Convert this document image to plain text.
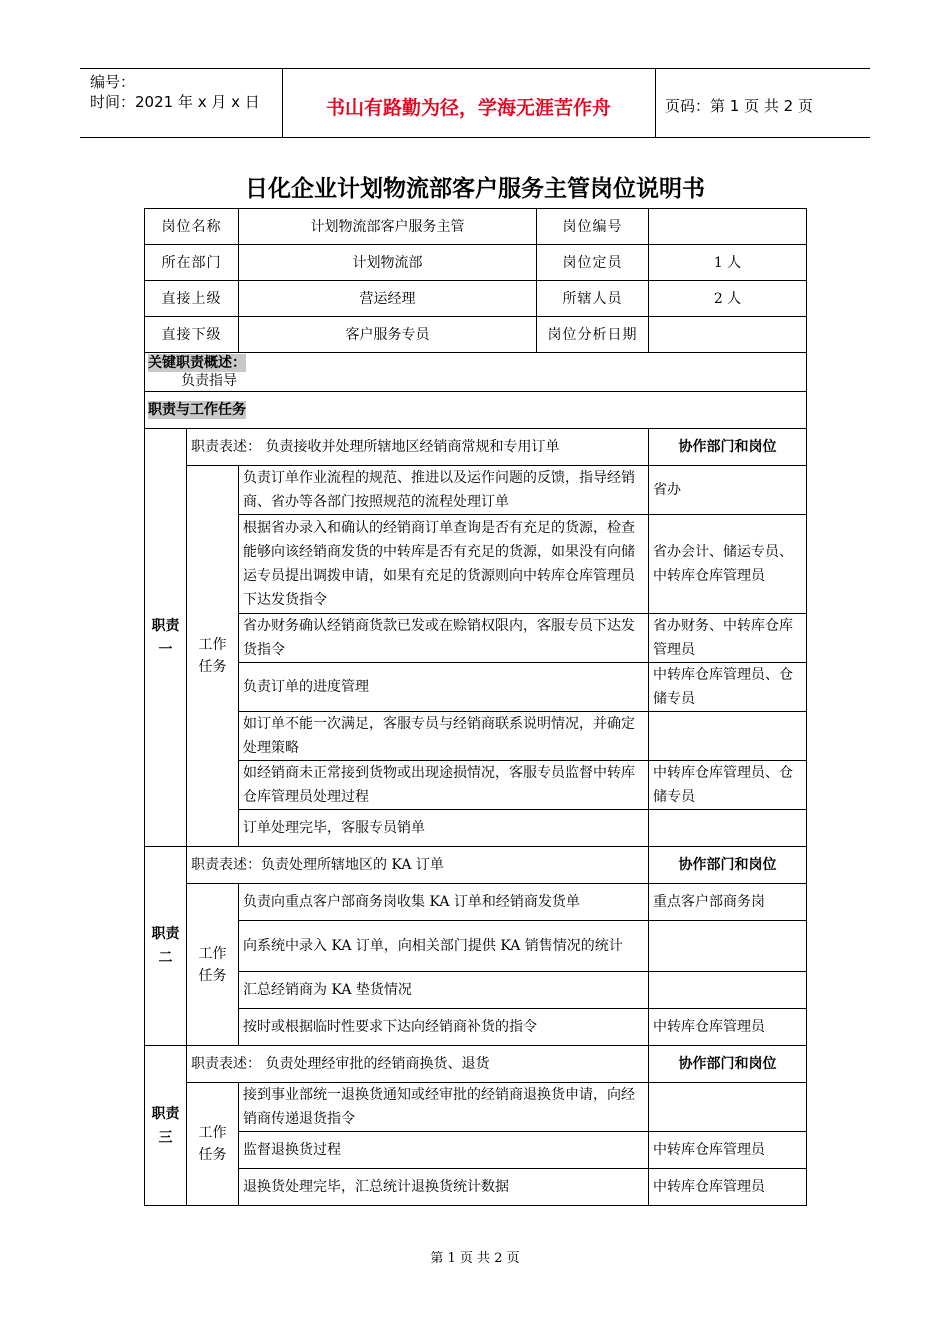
编号：
时间：2021 年 x 月 x 日	书山有路勤为径，学海无涯苦作舟	页码：第 1 页 共 2 页
日化企业计划物流部客户服务主管岗位说明书
岗位名称		计划物流部客户服务主管	岗位编号	
所在部门		计划物流部	岗位定员	1 人
直接上级		营运经理	所辖人员	2 人
直接下级		客户服务专员	岗位分析日期	

关键职责概述：
负责指导				

职责与工作任务				
职责一	职责表述： 负责接收并处理所辖地区经销商常规和专用订单			协作部门和岗位
	工作任务	负责订单作业流程的规范、推进以及运作问题的反馈，指导经销商、省办等各部门按照规范的流程处理订单		省办
		根据省办录入和确认的经销商订单查询是否有充足的货源，检查能够向该经销商发货的中转库是否有充足的货源，如果没有向储运专员提出调拨申请，如果有充足的货源则向中转库仓库管理员下达发货指令		省办会计、储运专员、中转库仓库管理员
		省办财务确认经销商货款已发或在赊销权限内，客服专员下达发货指令		省办财务、中转库仓库管理员
		负责订单的进度管理		中转库仓库管理员、仓储专员
		如订单不能一次满足，客服专员与经销商联系说明情况，并确定处理策略		
		如经销商未正常接到货物或出现途损情况，客服专员监督中转库仓库管理员处理过程		中转库仓库管理员、仓储专员
		订单处理完毕，客服专员销单		
职责二	职责表述：负责处理所辖地区的 KA 订单			协作部门和岗位
	工作任务	负责向重点客户部商务岗收集 KA 订单和经销商发货单		重点客户部商务岗
		向系统中录入 KA 订单，向相关部门提供 KA 销售情况的统计		
		汇总经销商为 KA 垫货情况		
		按时或根据临时性要求下达向经销商补货的指令		中转库仓库管理员
职责三	职责表述： 负责处理经审批的经销商换货、退货			协作部门和岗位
	工作任务	接到事业部统一退换货通知或经审批的经销商退换货申请，向经销商传递退货指令		
		监督退换货过程		中转库仓库管理员
		退换货处理完毕，汇总统计退换货统计数据		中转库仓库管理员
第 1 页 共 2 页
